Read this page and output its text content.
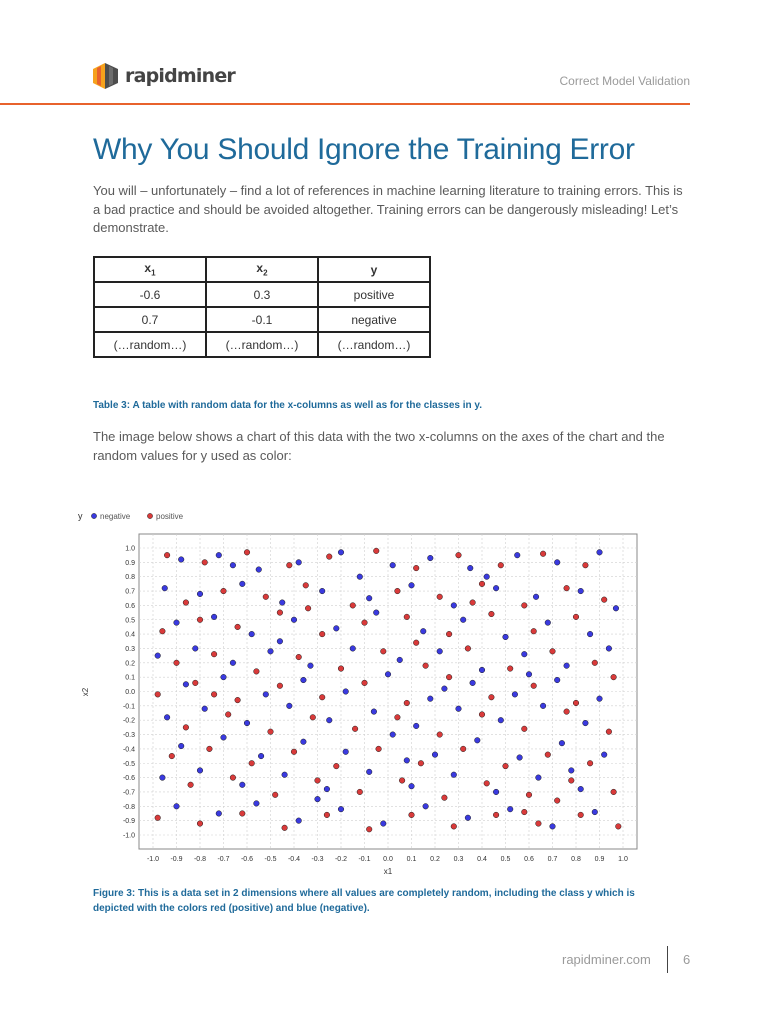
rapidminer	Correct Model Validation
Why You Should Ignore the Training Error

You will – unfortunately – find a lot of references in machine learning literature to training errors. This is a bad practice and should be avoided altogether. Training errors can be dangerously misleading! Let’s demonstrate.

$x_1$	$x_2$	y
-0.6	0.3	positive
0.7	-0.1	negative
(…random…)	(…random…)	(…random…)
Table 3: A table with random data for the x-columns as well as for the classes in y.

The image below shows a chart of this data with the two x-columns on the axes of the chart and the random values for y used as color:

y negative	positive
1.0
0.9
0.8
0.7
0.6
0.5
0.4
0.3
0.2
0.1
0.0
-0.1
-0.2
-0.3
-0.4
-0.5
-0.6
-0.7
-0.8
-0.9
-1.0
-1.0 -0.9 -0.8 -0.7 -0.6 -0.5 -0.4 -0.3 -0.2 -0.1 0.0 0.1 0.2 0.3 0.4 0.5 0.6 0.7 0.8 0.9 1.0
x1
x2
Figure 3: This is a data set in 2 dimensions where all values are completely random, including the class y which is depicted with the colors red (positive) and blue (negative).
rapidminer.com 6
